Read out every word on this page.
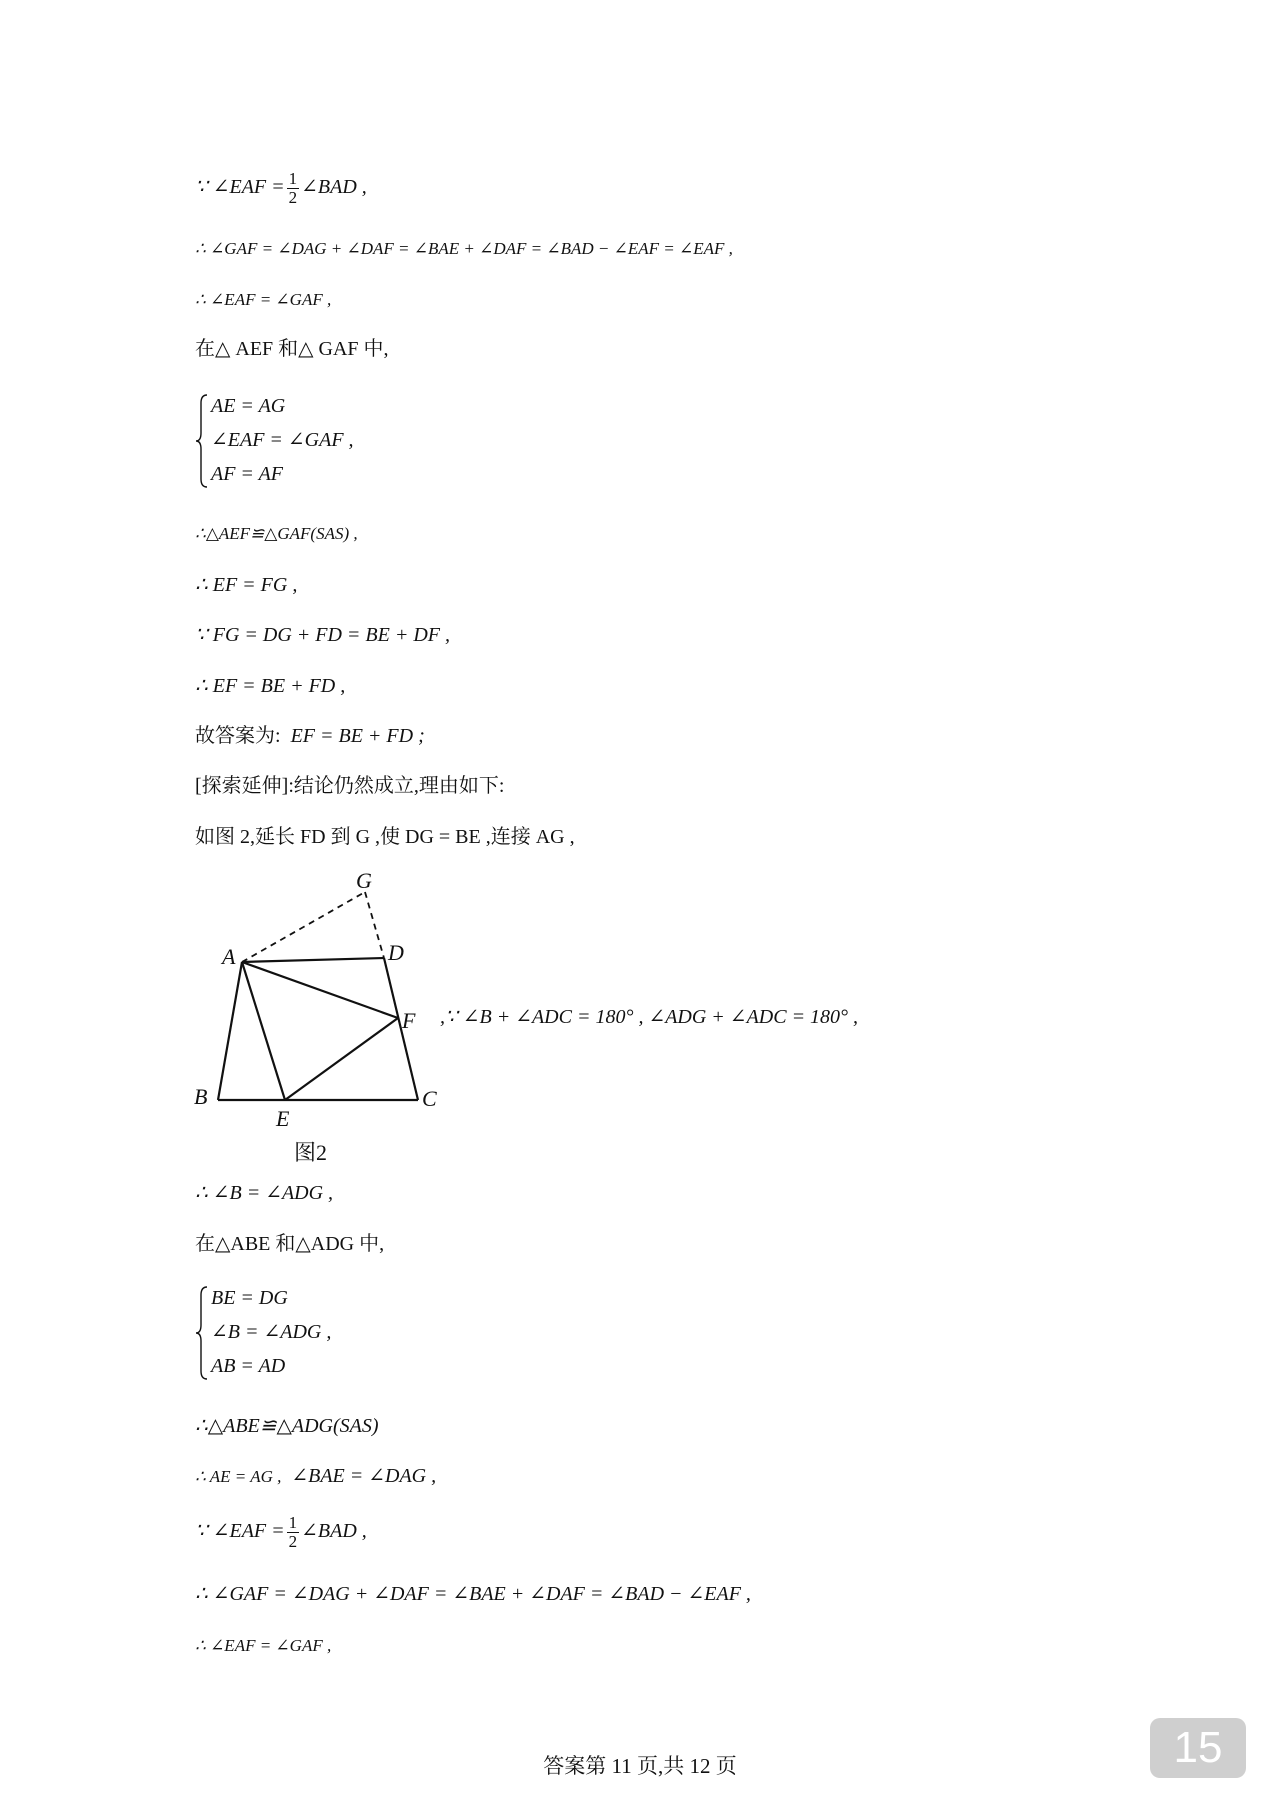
∵ ∠EAF = $\frac{1}{2}$ ∠BAD ,
∴ ∠GAF = ∠DAG + ∠DAF = ∠BAE + ∠DAF = ∠BAD − ∠EAF = ∠EAF ,
∴ ∠EAF = ∠GAF ,
在△ AEF 和△ GAF 中,
AE = AG
∠EAF = ∠GAF ,
AF = AF
∴△AEF≌△GAF(SAS) ,
∴ EF = FG ,
∵ FG = DG + FD = BE + DF ,
∴ EF = BE + FD ,
故答案为: EF = BE + FD ;
[探索延伸]:结论仍然成立,理由如下:
如图 2,延长 FD 到 G ,使 DG = BE ,连接 AG ,
G
A	D
F
B	C
E
图2
,∵ ∠B + ∠ADC = 180° , ∠ADG + ∠ADC = 180° ,
∴ ∠B = ∠ADG ,
在△ABE 和△ADG 中,
BE = DG
∠B = ∠ADG ,
AB = AD
∴△ABE≌△ADG(SAS)
∴ AE = AG , ∠BAE = ∠DAG ,
∵ ∠EAF = $\frac{1}{2}$ ∠BAD ,
∴ ∠GAF = ∠DAG + ∠DAF = ∠BAE + ∠DAF = ∠BAD − ∠EAF ,
∴ ∠EAF = ∠GAF ,
15
答案第 11 页,共 12 页
